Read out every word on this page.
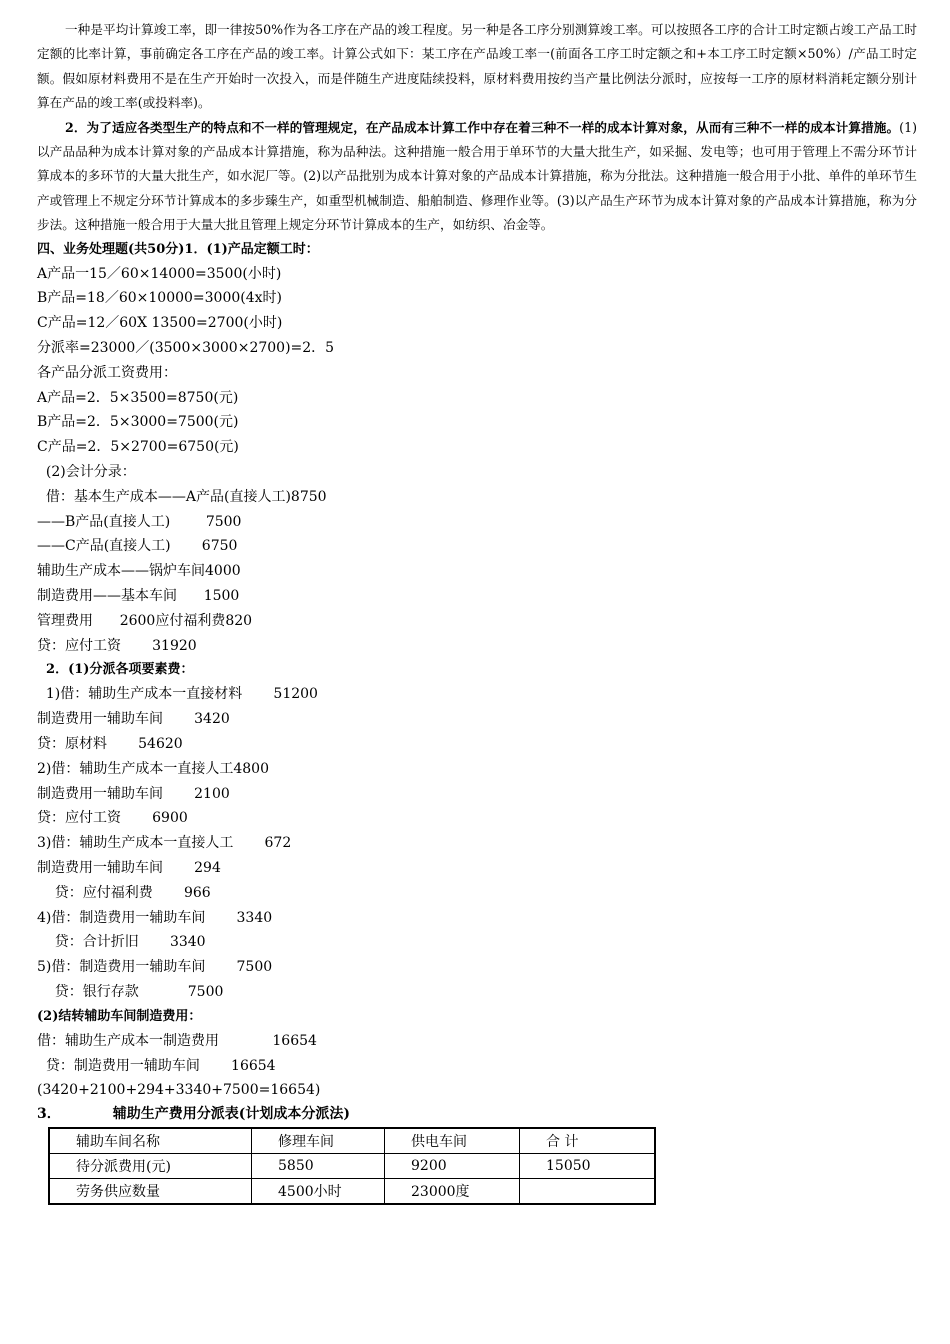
一种是平均计算竣工率，即一律按50%作为各工序在产品的竣工程度。另一种是各工序分别测算竣工率。可以按照各工序的合计工时定额占竣工产品工时定额的比率计算，事前确定各工序在产品的竣工率。计算公式如下：某工序在产品竣工率一(前面各工序工时定额之和+本工序工时定额×50%）/产品工时定额。假如原材料费用不是在生产开始时一次投入，而是伴随生产进度陆续投料，原材料费用按约当产量比例法分派时，应按每一工序的原材料消耗定额分别计算在产品的竣工率(或投料率)。

2．为了适应各类型生产的特点和不一样的管理规定，在产品成本计算工作中存在着三种不一样的成本计算对象，从而有三种不一样的成本计算措施。(1)以产品品种为成本计算对象的产品成本计算措施，称为品种法。这种措施一般合用于单环节的大量大批生产，如采掘、发电等；也可用于管理上不需分环节计算成本的多环节的大量大批生产，如水泥厂等。(2)以产品批别为成本计算对象的产品成本计算措施，称为分批法。这种措施一般合用于小批、单件的单环节生产或管理上不规定分环节计算成本的多步臻生产，如重型机械制造、船舶制造、修理作业等。(3)以产品生产环节为成本计算对象的产品成本计算措施，称为分步法。这种措施一般合用于大量大批且管理上规定分环节计算成本的生产，如纺织、冶金等。

四、业务处理题(共50分)1．(1)产品定额工时：

A产品一15／60×14000=3500(小时)

B产品=18／60×10000=3000(4x时)

C产品=12／60X 13500=2700(小时)

分派率=23000／(3500×3000×2700)=2．5

各产品分派工资费用：

A产品=2．5×3500=8750(元)

B产品=2．5×3000=7500(元)

C产品=2．5×2700=6750(元)

(2)会计分录：

借：基本生产成本——A产品(直接人工)8750

——B产品(直接人工)        7500

——C产品(直接人工)       6750

辅助生产成本——锅炉车间4000

制造费用——基本车间      1500

管理费用      2600应付福利费820

贷：应付工资       31920

2．(1)分派各项要素费：

1)借：辅助生产成本一直接材料       51200

制造费用一辅助车间       3420

贷：原材料       54620

2)借：辅助生产成本一直接人工4800

制造费用一辅助车间       2100

贷：应付工资       6900

3)借：辅助生产成本一直接人工       672

制造费用一辅助车间       294

贷：应付福利费       966

4)借：制造费用一辅助车间       3340

贷：合计折旧       3340

5)借：制造费用一辅助车间       7500

贷：银行存款           7500

(2)结转辅助车间制造费用：

借：辅助生产成本一制造费用            16654

贷：制造费用一辅助车间       16654

(3420+2100+294+3340+7500=16654)

3．	辅助生产费用分派表(计划成本分派法)

辅助车间名称	修理车间	供电车间	合 计
待分派费用(元)	5850	9200	15050
劳务供应数量	4500小时	23000度	
